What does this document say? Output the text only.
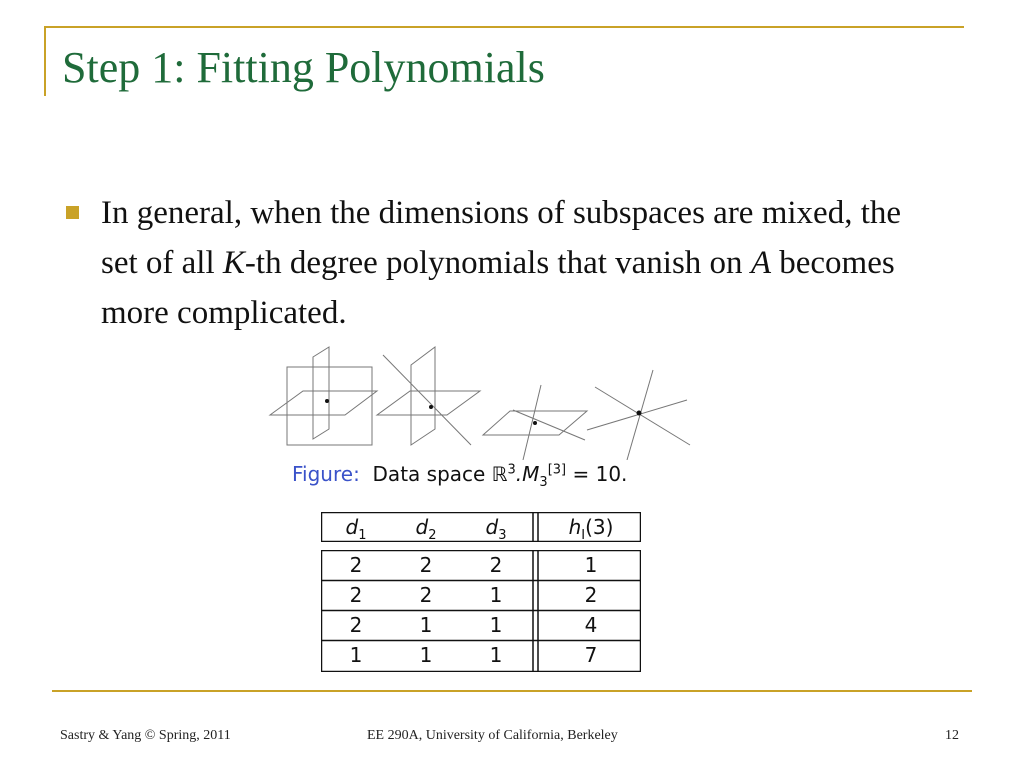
Step 1: Fitting Polynomials
In general, when the dimensions of subspaces are mixed, the set of all K-th degree polynomials that vanish on A becomes more complicated.
Figure: Data space $ℝ^3.M_3[3] = 10$.
$d_1$	$d_2$	$d_3$	$h_I(3)$
2	2	2	1
2	2	1	2
2	1	1	4
1	1	1	7
Sastry & Yang © Spring, 2011	EE 290A, University of California, Berkeley	12
